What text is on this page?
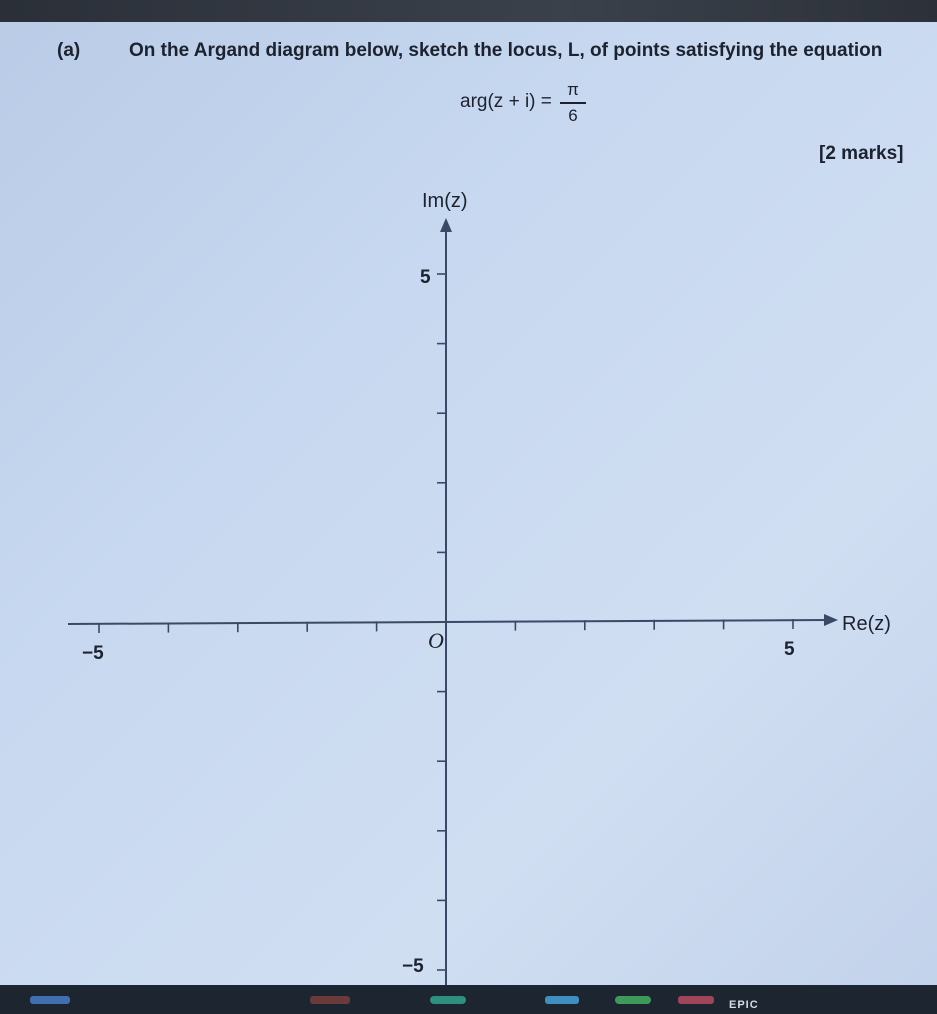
(a)	On the Argand diagram below, sketch the locus, L, of points satisfying the equation
arg(z + i) =
π
6
[2 marks]
Im(z)
Re(z)
O
−5	5
5
−5
EPIC
